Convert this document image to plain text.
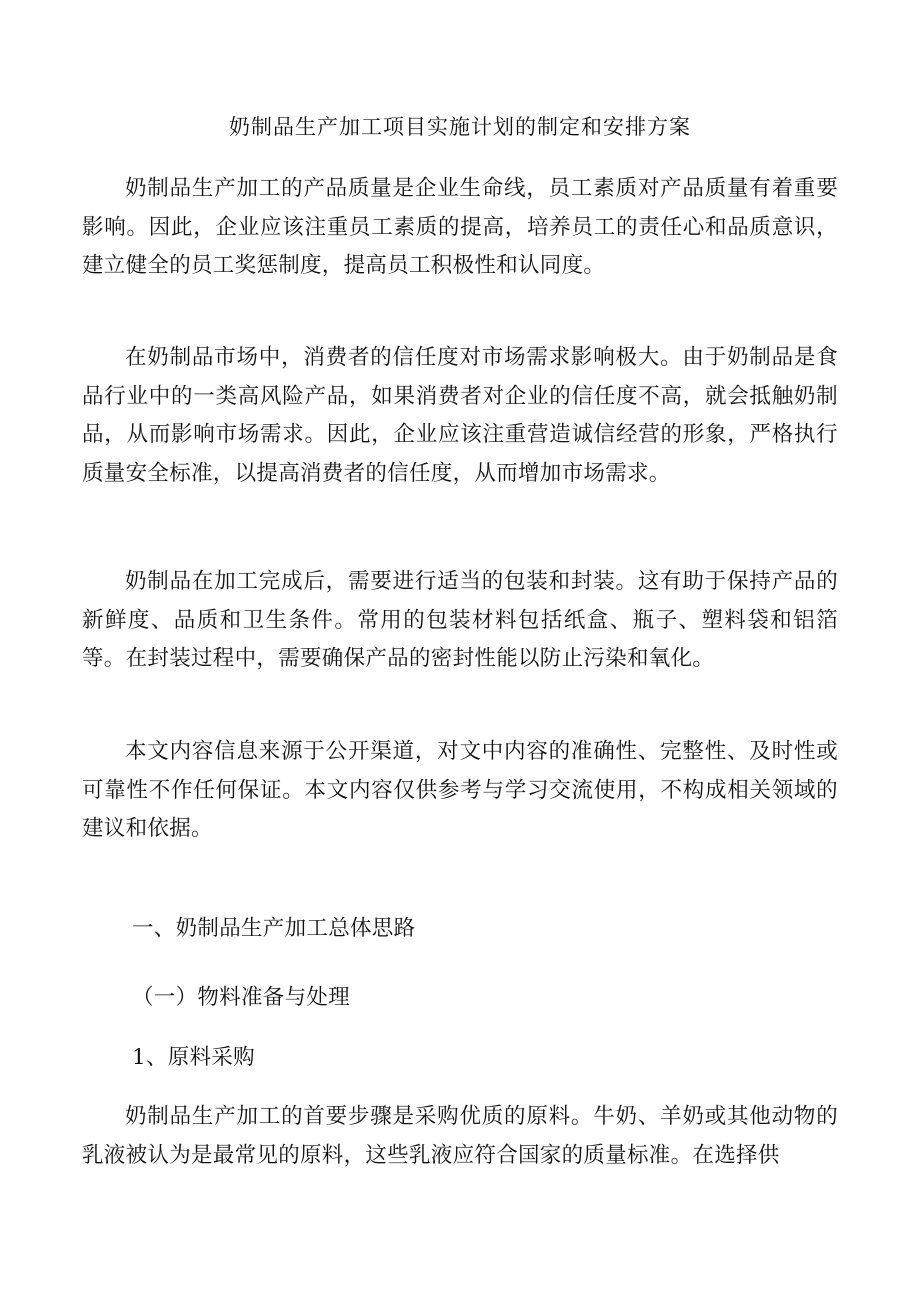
奶制品生产加工项目实施计划的制定和安排方案

奶制品生产加工的产品质量是企业生命线，员工素质对产品质量有着重要影响。因此，企业应该注重员工素质的提高，培养员工的责任心和品质意识，建立健全的员工奖惩制度，提高员工积极性和认同度。

在奶制品市场中，消费者的信任度对市场需求影响极大。由于奶制品是食品行业中的一类高风险产品，如果消费者对企业的信任度不高，就会抵触奶制品，从而影响市场需求。因此，企业应该注重营造诚信经营的形象，严格执行质量安全标准，以提高消费者的信任度，从而增加市场需求。

奶制品在加工完成后，需要进行适当的包装和封装。这有助于保持产品的新鲜度、品质和卫生条件。常用的包装材料包括纸盒、瓶子、塑料袋和铝箔等。在封装过程中，需要确保产品的密封性能以防止污染和氧化。

本文内容信息来源于公开渠道，对文中内容的准确性、完整性、及时性或可靠性不作任何保证。本文内容仅供参考与学习交流使用，不构成相关领域的建议和依据。

一、奶制品生产加工总体思路
（一）物料准备与处理
1、原料采购

奶制品生产加工的首要步骤是采购优质的原料。牛奶、羊奶或其他动物的乳液被认为是最常见的原料，这些乳液应符合国家的质量标准。在选择供
